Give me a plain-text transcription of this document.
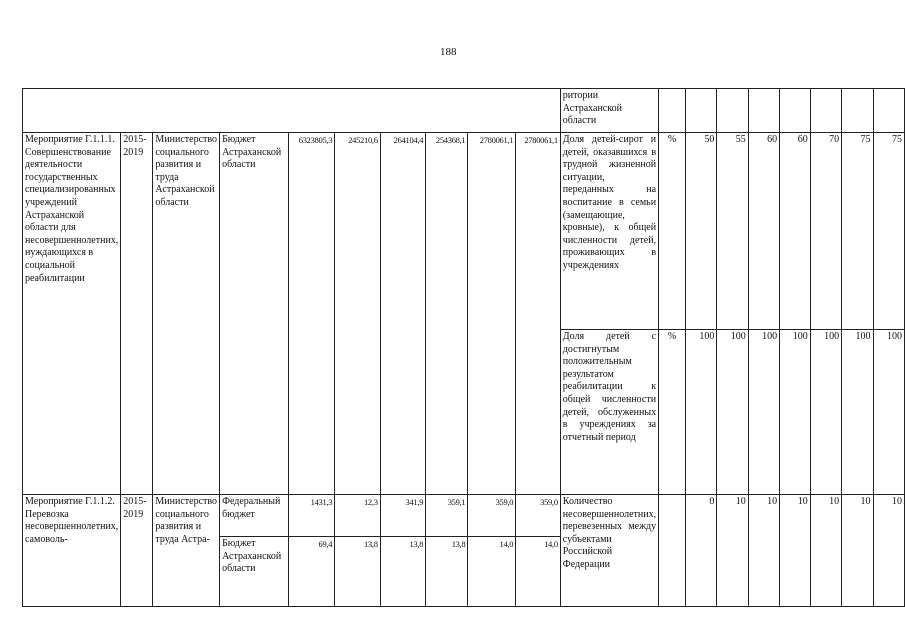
188
										ритории Астраханской области								
Мероприятие Г.1.1.1. Совершенствование деятельности государственных специализированных учреждений Астраханской области для несовершеннолетних, нуждающихся в социальной реабилитации	2015-2019	Министерство социального развития и труда Астраханской области	Бюджет Астраханской области	6323805,3	245210,6	264104,4	254368,1	2780061,1	2780061,1	Доля детей-сирот и детей, оказавшихся в трудной жизненной ситуации, переданных на воспитание в семьи (замещающие, кровные), к общей численности детей, проживающих в учреждениях	%	50	55	60	60	70	75	75
										Доля детей с достигнутым положительным результатом реабилитации к общей численности детей, обслуженных в учреждениях за отчетный период	%	100	100	100	100	100	100	100
Мероприятие Г.1.1.2. Перевозка несовершеннолетних, самоволь-	2015-2019	Министерство социального развития и труда Астра-	Федеральный бюджет	1431,3	12,3	341,9	359,1	359,0	359,0	Количество несовершеннолетних, перевезенных между субъектами Российской Федерации		0	10	10	10	10	10	10
			Бюджет Астраханской области	69,4	13,8	13,8	13,8	14,0	14,0									
